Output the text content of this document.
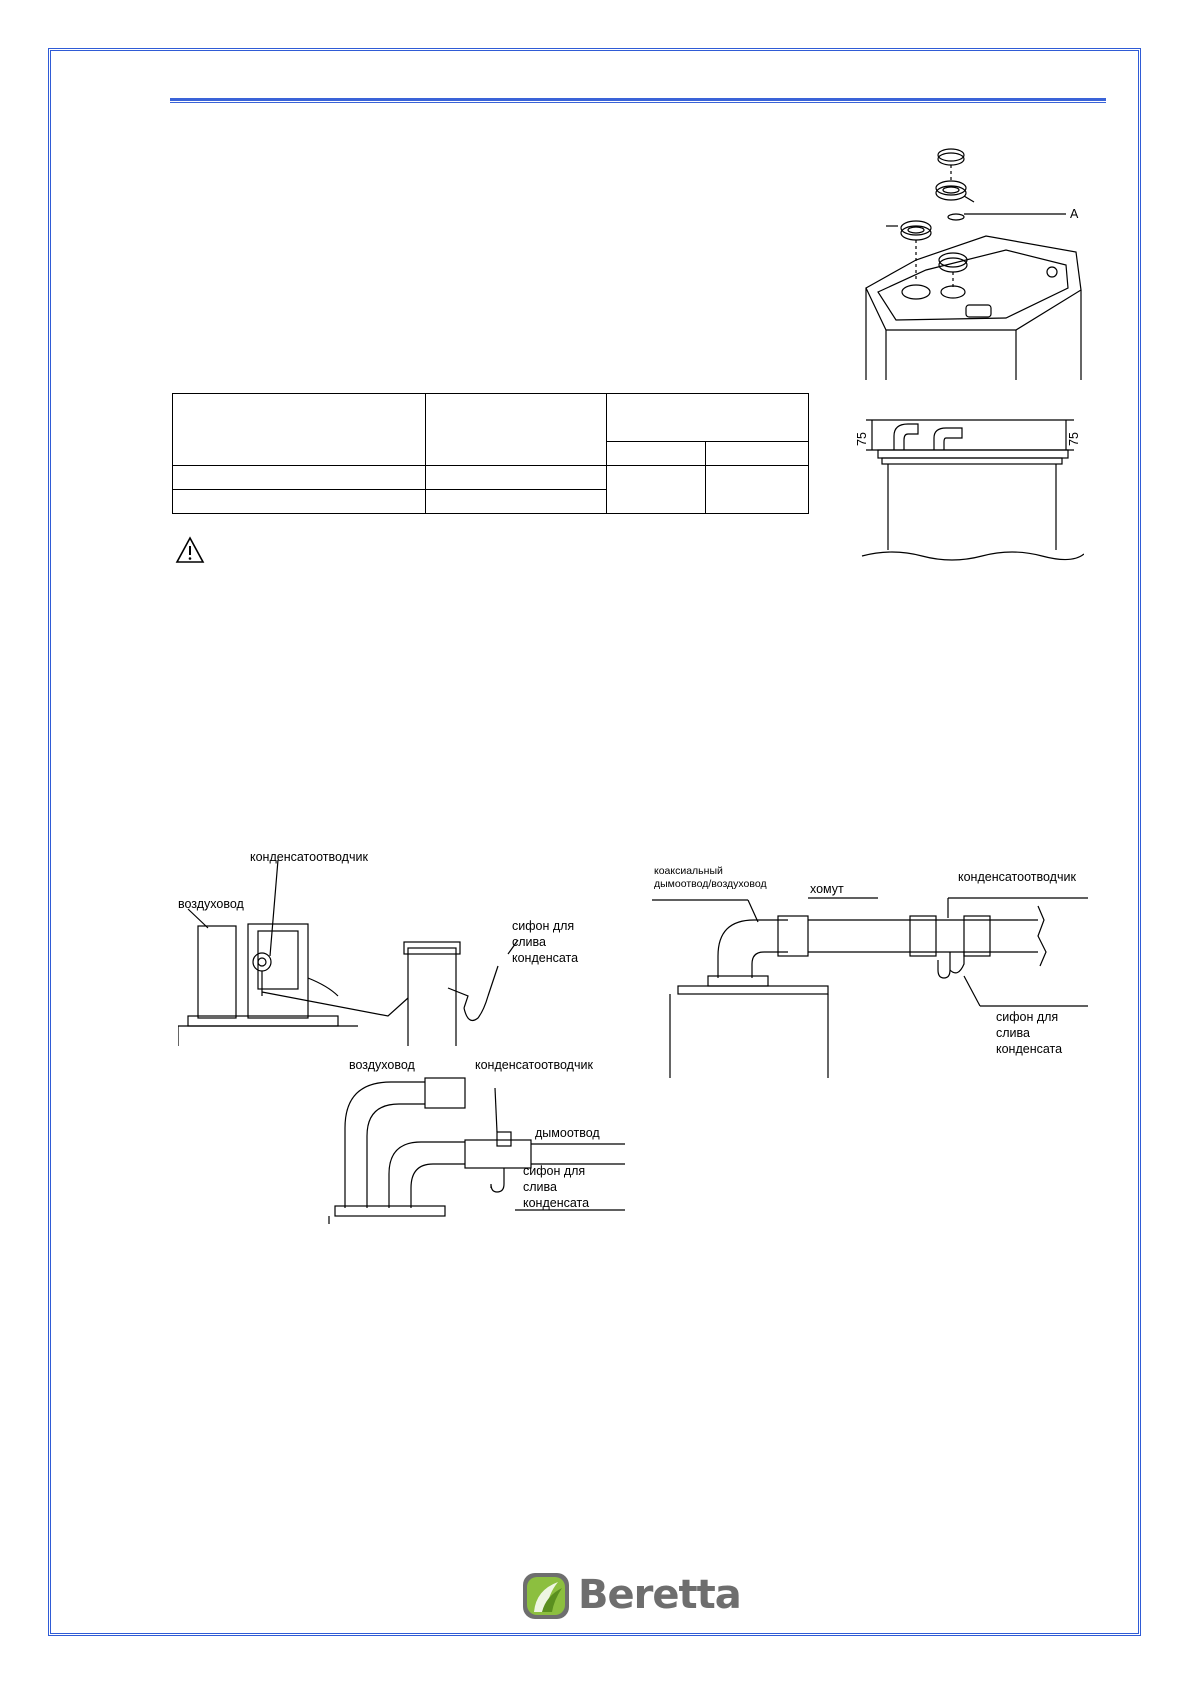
A

75	75
конденсатоотводчик
воздуховод
сифон для
слива
конденсата
воздуховод	конденсатоотводчик
дымоотвод
сифон для
слива
конденсата
коаксиальный
дымоотвод/воздуховод	хомут
конденсатоотводчик
сифон для
слива
конденсата
Beretta
